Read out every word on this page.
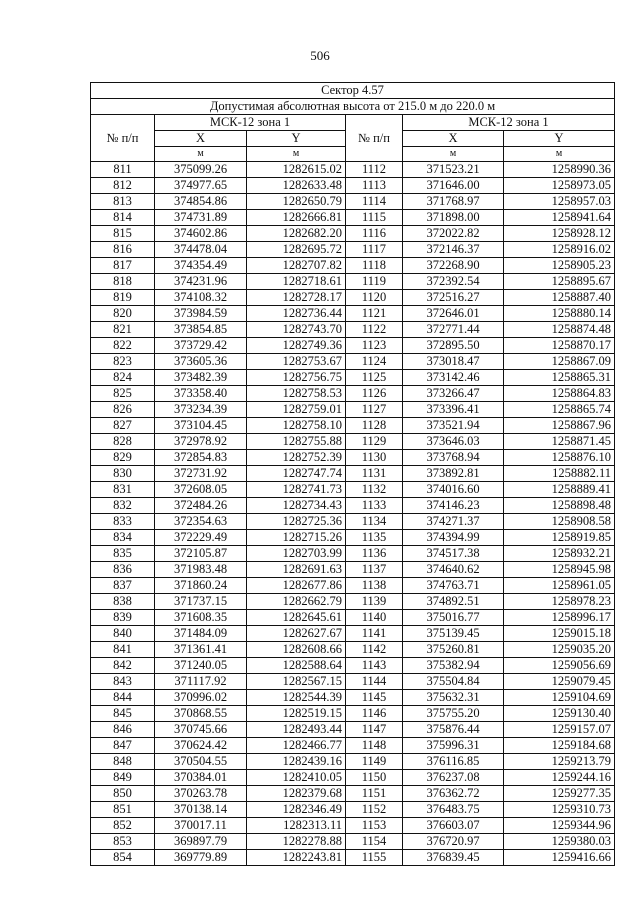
506
Сектор 4.57					
Допустимая абсолютная высота от 215.0 м до 220.0 м					
№ п/п	МСК-12 зона 1		№ п/п	МСК-12 зона 1	
	X	Y		X	Y
	м	м		м	м
811	375099.26	1282615.02	1112	371523.21	1258990.36
812	374977.65	1282633.48	1113	371646.00	1258973.05
813	374854.86	1282650.79	1114	371768.97	1258957.03
814	374731.89	1282666.81	1115	371898.00	1258941.64
815	374602.86	1282682.20	1116	372022.82	1258928.12
816	374478.04	1282695.72	1117	372146.37	1258916.02
817	374354.49	1282707.82	1118	372268.90	1258905.23
818	374231.96	1282718.61	1119	372392.54	1258895.67
819	374108.32	1282728.17	1120	372516.27	1258887.40
820	373984.59	1282736.44	1121	372646.01	1258880.14
821	373854.85	1282743.70	1122	372771.44	1258874.48
822	373729.42	1282749.36	1123	372895.50	1258870.17
823	373605.36	1282753.67	1124	373018.47	1258867.09
824	373482.39	1282756.75	1125	373142.46	1258865.31
825	373358.40	1282758.53	1126	373266.47	1258864.83
826	373234.39	1282759.01	1127	373396.41	1258865.74
827	373104.45	1282758.10	1128	373521.94	1258867.96
828	372978.92	1282755.88	1129	373646.03	1258871.45
829	372854.83	1282752.39	1130	373768.94	1258876.10
830	372731.92	1282747.74	1131	373892.81	1258882.11
831	372608.05	1282741.73	1132	374016.60	1258889.41
832	372484.26	1282734.43	1133	374146.23	1258898.48
833	372354.63	1282725.36	1134	374271.37	1258908.58
834	372229.49	1282715.26	1135	374394.99	1258919.85
835	372105.87	1282703.99	1136	374517.38	1258932.21
836	371983.48	1282691.63	1137	374640.62	1258945.98
837	371860.24	1282677.86	1138	374763.71	1258961.05
838	371737.15	1282662.79	1139	374892.51	1258978.23
839	371608.35	1282645.61	1140	375016.77	1258996.17
840	371484.09	1282627.67	1141	375139.45	1259015.18
841	371361.41	1282608.66	1142	375260.81	1259035.20
842	371240.05	1282588.64	1143	375382.94	1259056.69
843	371117.92	1282567.15	1144	375504.84	1259079.45
844	370996.02	1282544.39	1145	375632.31	1259104.69
845	370868.55	1282519.15	1146	375755.20	1259130.40
846	370745.66	1282493.44	1147	375876.44	1259157.07
847	370624.42	1282466.77	1148	375996.31	1259184.68
848	370504.55	1282439.16	1149	376116.85	1259213.79
849	370384.01	1282410.05	1150	376237.08	1259244.16
850	370263.78	1282379.68	1151	376362.72	1259277.35
851	370138.14	1282346.49	1152	376483.75	1259310.73
852	370017.11	1282313.11	1153	376603.07	1259344.96
853	369897.79	1282278.88	1154	376720.97	1259380.03
854	369779.89	1282243.81	1155	376839.45	1259416.66
